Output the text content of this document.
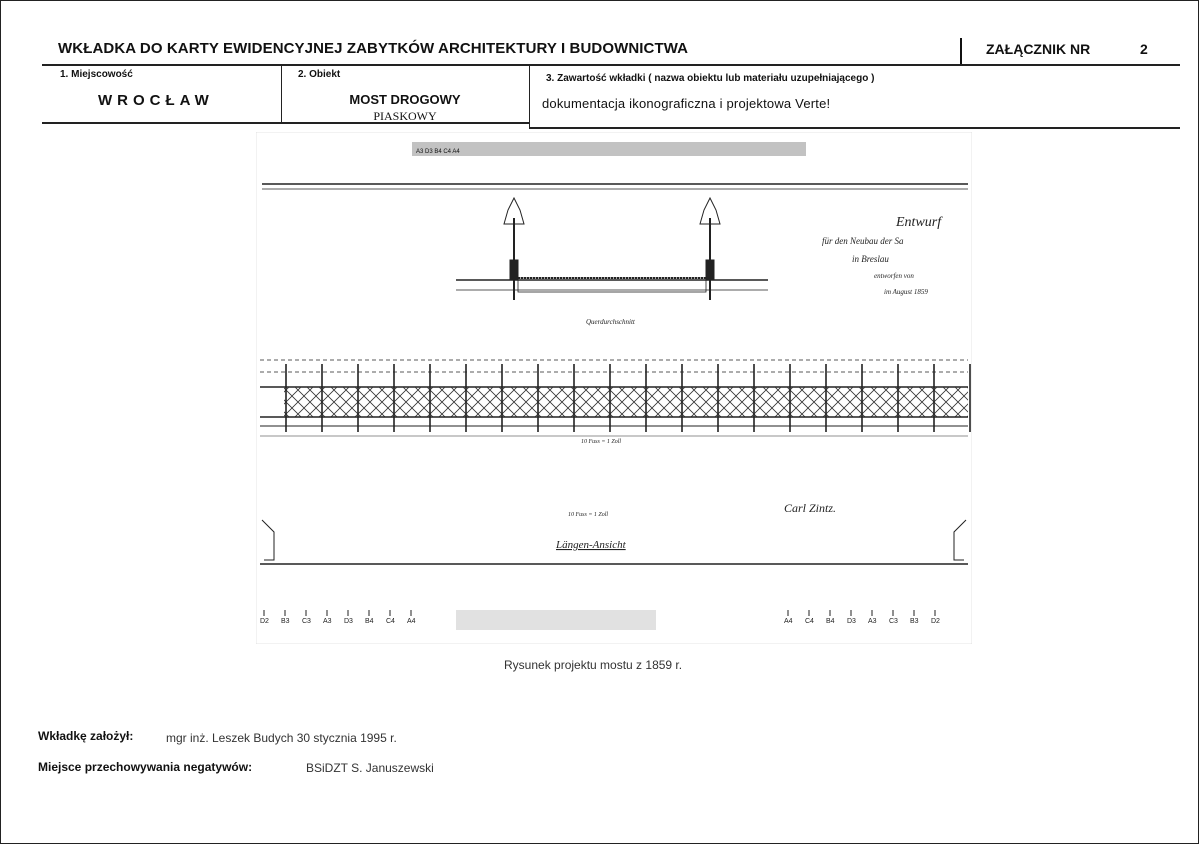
WKŁADKA DO KARTY EWIDENCYJNEJ ZABYTKÓW ARCHITEKTURY I BUDOWNICTWA	ZAŁĄCZNIK NR	2
1. Miejscowość
WROCŁAW
2. Obiekt
MOST DROGOWY
PIASKOWY
3. Zawartość wkładki ( nazwa obiektu lub materiału uzupełniającego )
dokumentacja ikonograficzna i projektowa Verte!
A3 D3 B4 C4 A4
Querdurchschnitt
Entwurf
für den Neubau der Sa
in Breslau
entworfen von
im August 1859
10 Fuss = 1 Zoll
10 Fuss = 1 Zoll	Carl Zintz.
Längen-Ansicht
D2 B3 C3 A3 D3 B4 C4 A4	A4 C4 B4 D3 A3 C3 B3 D2
Rysunek projektu mostu z 1859 r.
Wkładkę założył:	mgr inż. Leszek Budych 30 stycznia 1995 r.
Miejsce przechowywania negatywów:	BSiDZT S. Januszewski
